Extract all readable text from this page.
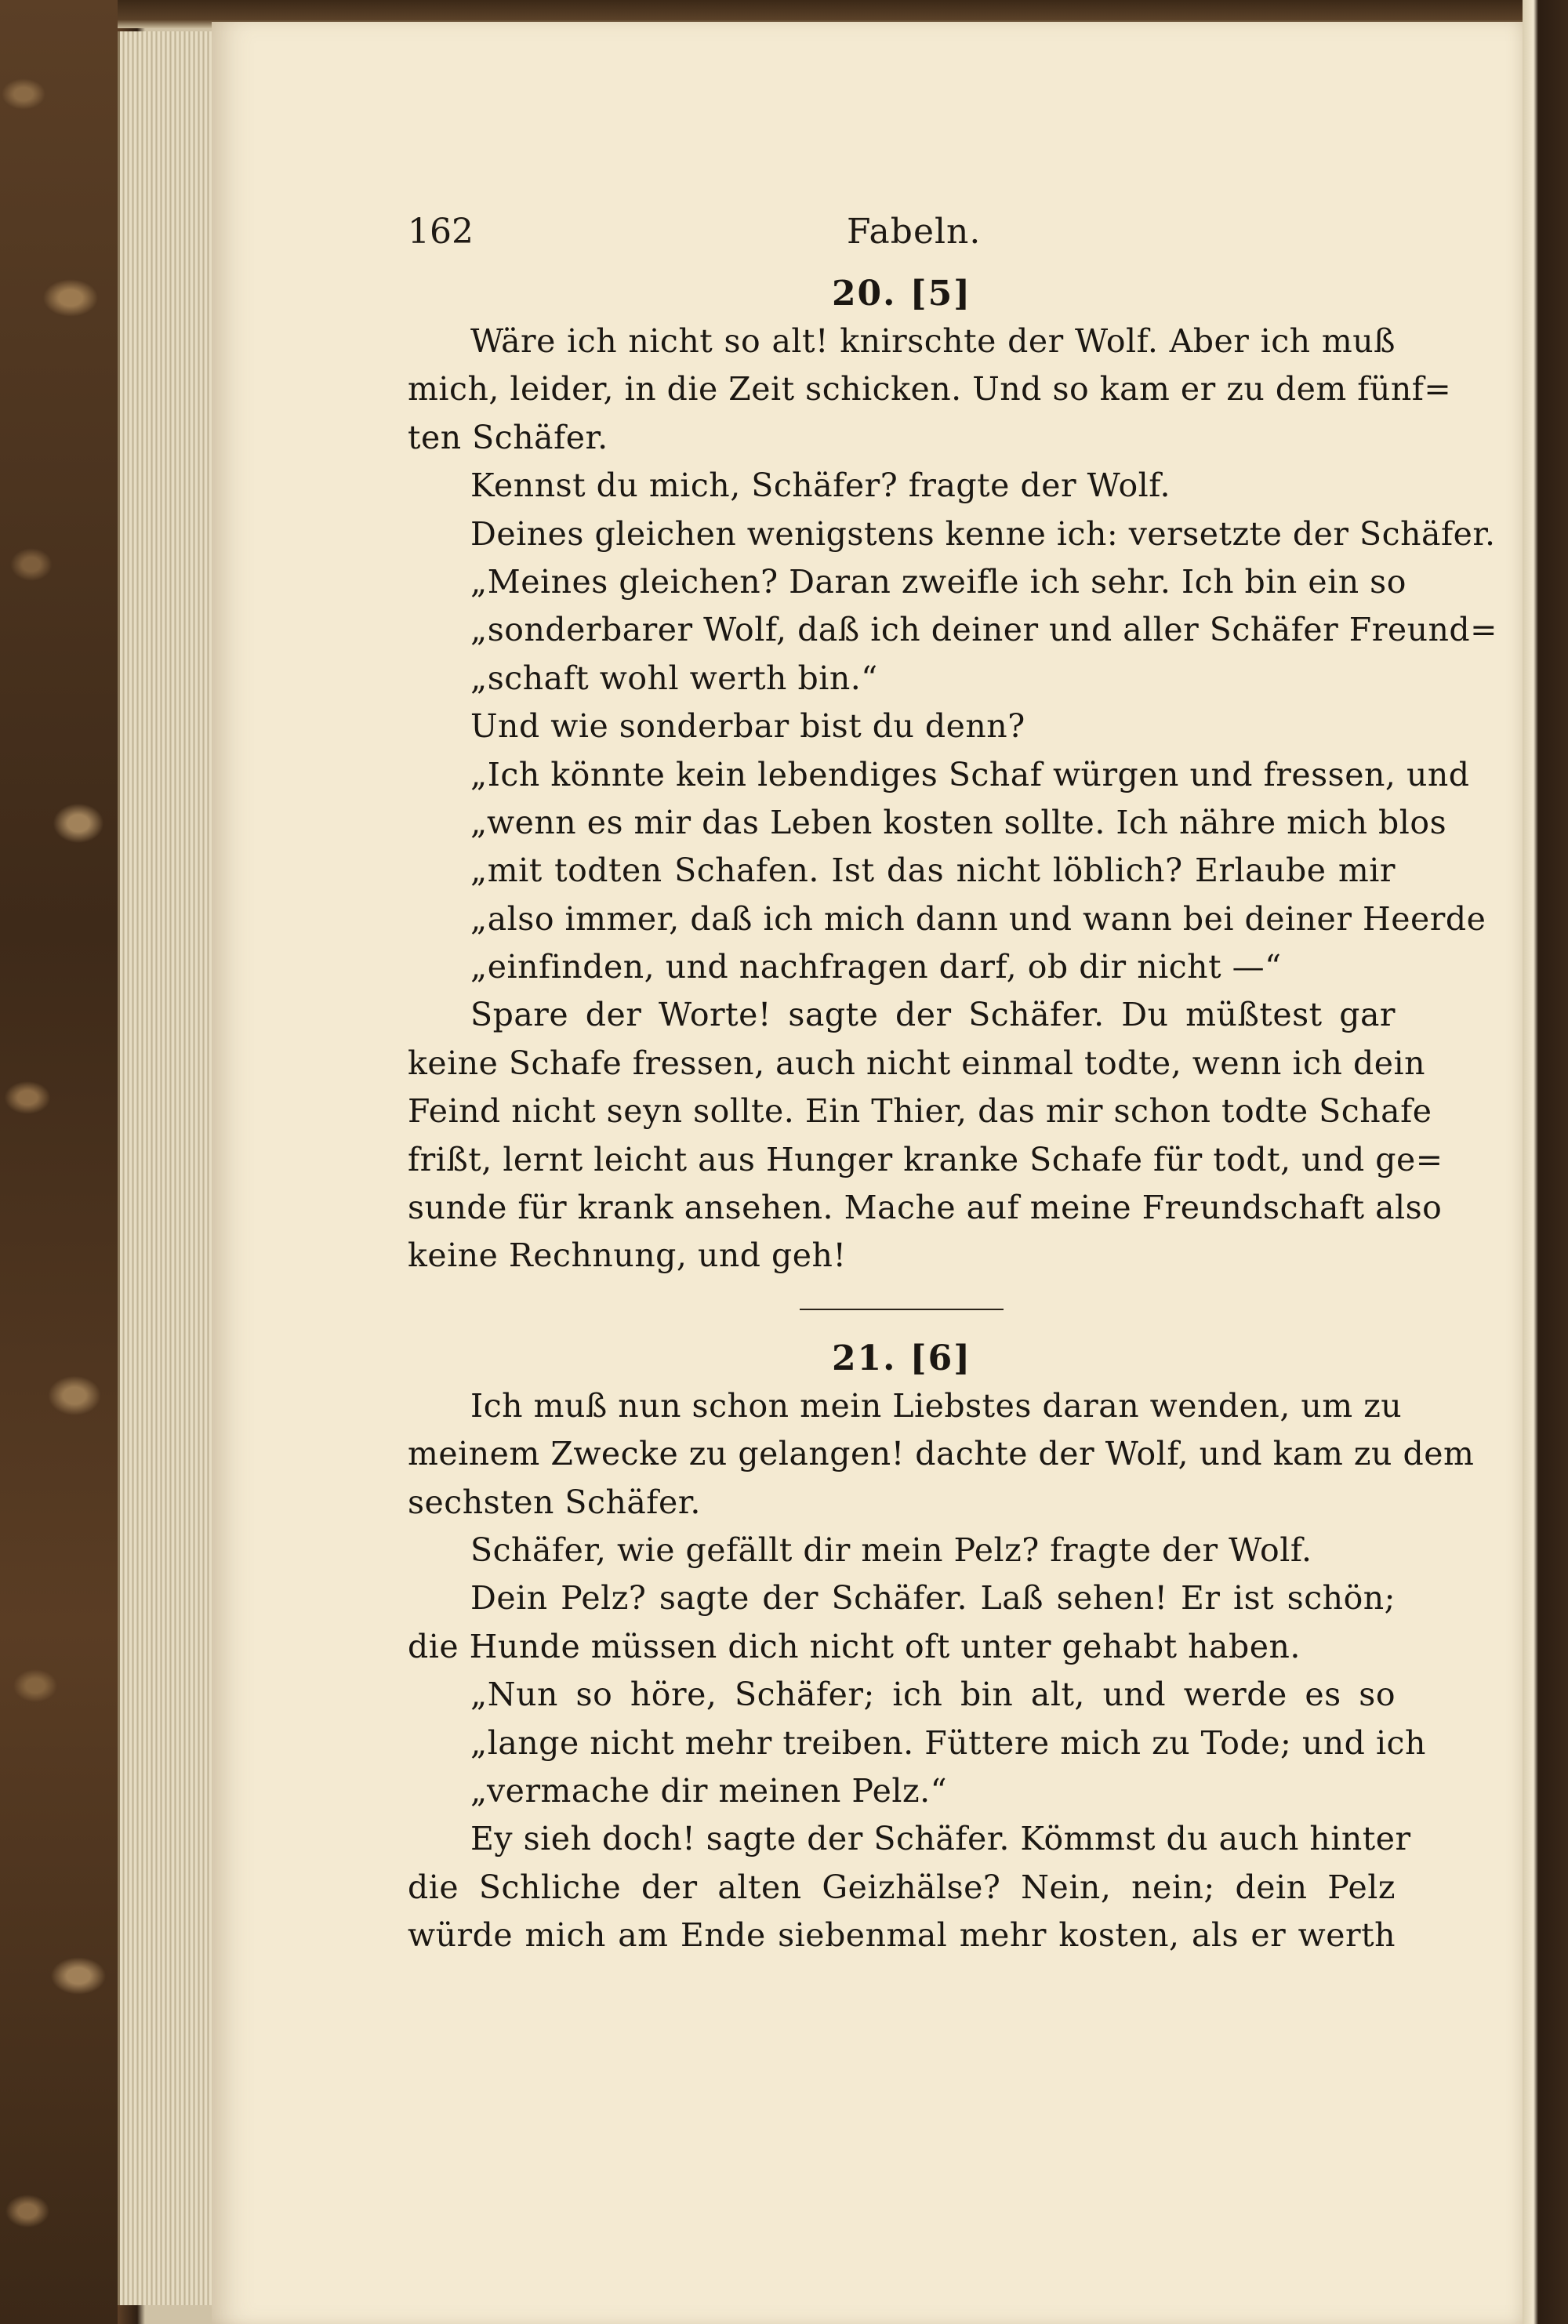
162	Fabeln.
20. [5]
Wäre ich nicht so alt! knirschte der Wolf. Aber ich muß
mich, leider, in die Zeit schicken. Und so kam er zu dem fünf=
ten Schäfer.
Kennst du mich, Schäfer? fragte der Wolf.
Deines gleichen wenigstens kenne ich: versetzte der Schäfer.
„Meines gleichen? Daran zweifle ich sehr. Ich bin ein so
„sonderbarer Wolf, daß ich deiner und aller Schäfer Freund=
„schaft wohl werth bin.“
Und wie sonderbar bist du denn?
„Ich könnte kein lebendiges Schaf würgen und fressen, und
„wenn es mir das Leben kosten sollte. Ich nähre mich blos
„mit todten Schafen. Ist das nicht löblich? Erlaube mir
„also immer, daß ich mich dann und wann bei deiner Heerde
„einfinden, und nachfragen darf, ob dir nicht —“
Spare der Worte! sagte der Schäfer. Du müßtest gar
keine Schafe fressen, auch nicht einmal todte, wenn ich dein
Feind nicht seyn sollte. Ein Thier, das mir schon todte Schafe
frißt, lernt leicht aus Hunger kranke Schafe für todt, und ge=
sunde für krank ansehen. Mache auf meine Freundschaft also
keine Rechnung, und geh!
21. [6]
Ich muß nun schon mein Liebstes daran wenden, um zu
meinem Zwecke zu gelangen! dachte der Wolf, und kam zu dem
sechsten Schäfer.
Schäfer, wie gefällt dir mein Pelz? fragte der Wolf.
Dein Pelz? sagte der Schäfer. Laß sehen! Er ist schön;
die Hunde müssen dich nicht oft unter gehabt haben.
„Nun so höre, Schäfer; ich bin alt, und werde es so
„lange nicht mehr treiben. Füttere mich zu Tode; und ich
„vermache dir meinen Pelz.“
Ey sieh doch! sagte der Schäfer. Kömmst du auch hinter
die Schliche der alten Geizhälse? Nein, nein; dein Pelz
würde mich am Ende siebenmal mehr kosten, als er werth
